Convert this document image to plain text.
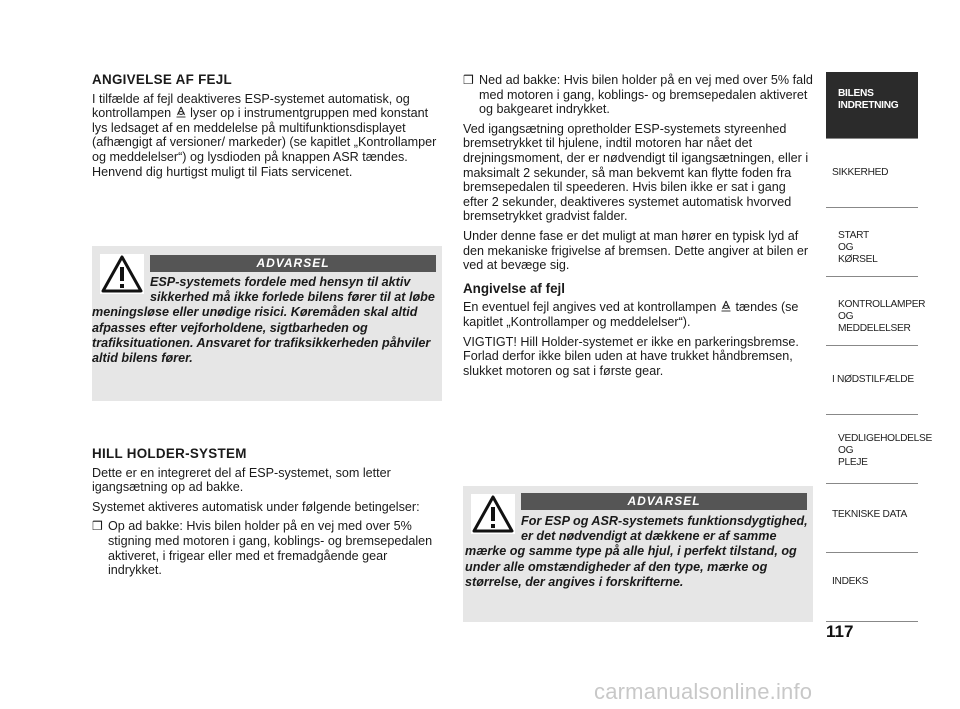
ANGIVELSE AF FEJL

I tilfælde af fejl deaktiveres ESP-systemet automatisk, og kontrollampen lyser op i instrumentgruppen med konstant lys ledsaget af en meddelelse på multifunktionsdisplayet (afhængigt af versioner/ markeder) (se kapitlet „Kontrollamper og meddelelser“) og lysdioden på knappen ASR tændes. Henvend dig hurtigst muligt til Fiats servicenet.

ADVARSEL
ESP-systemets fordele med hensyn til aktiv sikkerhed må ikke forlede bilens fører til at løbe meningsløse eller unødige risici. Køremåden skal altid afpasses efter vejforholdene, sigtbarheden og trafiksituationen. Ansvaret for trafiksikkerheden påhviler altid bilens fører.
HILL HOLDER-SYSTEM

Dette er en integreret del af ESP-systemet, som letter igangsætning op ad bakke.

Systemet aktiveres automatisk under følgende betingelser:

❒ Op ad bakke: Hvis bilen holder på en vej med over 5% stigning med motoren i gang, koblings- og bremsepedalen aktiveret, i frigear eller med et fremadgående gear indrykket.
❒ Ned ad bakke: Hvis bilen holder på en vej med over 5% fald med motoren i gang, koblings- og bremsepedalen aktiveret og bakgearet indrykket.

Ved igangsætning opretholder ESP-systemets styreenhed bremsetrykket til hjulene, indtil motoren har nået det drejningsmoment, der er nødvendigt til igangsætningen, eller i maksimalt 2 sekunder, så man bekvemt kan flytte foden fra bremsepedalen til speederen. Hvis bilen ikke er sat i gang efter 2 sekunder, deaktiveres systemet automatisk hvorved bremsetrykket gradvist falder.

Under denne fase er det muligt at man hører en typisk lyd af den mekaniske frigivelse af bremsen. Dette angiver at bilen er ved at bevæge sig.

Angivelse af fejl

En eventuel fejl angives ved at kontrollampen tændes (se kapitlet „Kontrollamper og meddelelser“).

VIGTIGT! Hill Holder-systemet er ikke en parkeringsbremse. Forlad derfor ikke bilen uden at have trukket håndbremsen, slukket motoren og sat i første gear.

ADVARSEL
For ESP og ASR-systemets funktionsdygtighed, er det nødvendigt at dækkene er af samme mærke og samme type på alle hjul, i perfekt tilstand, og under alle omstændigheder af den type, mærke og størrelse, der angives i forskrifterne.
BILENS

INDRETNING
SIKKERHED
START

OG KØRSEL
KONTROLLAMPER

OG MEDDELELSER
I NØDSTILFÆLDE
VEDLIGEHOLDELSE

OG PLEJE
TEKNISKE DATA
INDEKS
117
carmanualsonline.info
